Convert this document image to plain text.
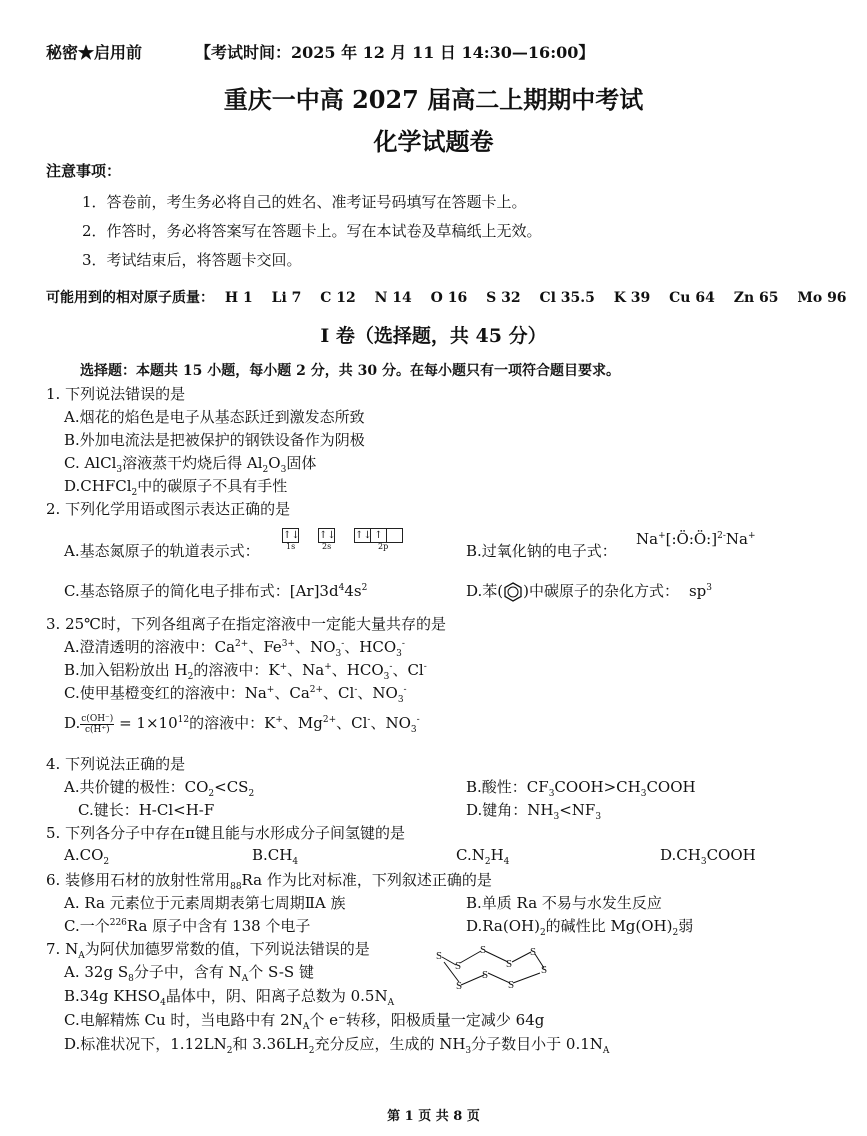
秘密★启用前	【考试时间：2025 年 12 月 11 日 14:30—16:00】
重庆一中高 2027 届高二上期期中考试
化学试题卷
注意事项：
1．答卷前，考生务必将自己的姓名、准考证号码填写在答题卡上。
2．作答时，务必将答案写在答题卡上。写在本试卷及草稿纸上无效。
3．考试结束后，将答题卡交回。
可能用到的相对原子质量： H 1 Li 7 C 12 N 14 O 16 S 32 Cl 35.5 K 39 Cu 64 Zn 65 Mo 96
I 卷（选择题，共 45 分）
选择题：本题共 15 小题，每小题 2 分，共 30 分。在每小题只有一项符合题目要求。
1. 下列说法错误的是
A.烟花的焰色是电子从基态跃迁到激发态所致
B.外加电流法是把被保护的钢铁设备作为阴极
C. AlCl$_3$溶液蒸干灼烧后得 $Al_2O_3$固体
D.CHFCl$_2$中的碳原子不具有手性
2. 下列化学用语或图示表达正确的是
A.基态氮原子的轨道表示式：
↑↓
1s
↑↓
2s
↑↓ ↑
2p	B.过氧化钠的电子式：
Na+[:Ö:Ö:]$^{2-}$Na+
C.基态铬原子的简化电子排布式：$[Ar]3d^44s^2$	D.苯( )中碳原子的杂化方式： $sp^3$
3. 25℃时，下列各组离子在指定溶液中一定能大量共存的是
A.澄清透明的溶液中：$Ca^{2+}$、$Fe^{3+}$、$NO_3^-$、$HCO_3^-$
B.加入铝粉放出 $H_2$的溶液中：K+、Na+、$HCO_3^-$、Cl-
C.使甲基橙变红的溶液中：Na+、$Ca^{2+}$、Cl-、$NO_3^-$
D. $\frac{c(OH^-)}{c(H^+)} = 1\times 10^{12}$的溶液中：K+、$Mg^{2+}$、Cl-、$NO_3^-$
4. 下列说法正确的是
A.共价键的极性：$CO_2<CS_2$	B.酸性：$CF_3COOH>CH_3COOH$
C.键长：H-Cl<H-F	D.键角：$NH_3<NF_3$
5. 下列各分子中存在π键且能与水形成分子间氢键的是
$A.CO_2$	$B.CH_4$	$C.N_2H_4$	$D.CH_3COOH$
6. 装修用石材的放射性常用$_{88}$Ra 作为比对标准，下列叙述正确的是
A. Ra 元素位于元素周期表第七周期ⅡA 族	B.单质 Ra 不易与水发生反应
C.一个$^{226}$Ra 原子中含有 138 个电子	$D.Ra(OH)_2$的碱性比 $Mg(OH)_2$弱
7. $N_A$为阿伏加德罗常数的值，下列说法错误的是
A. 32g $S_8$分子中，含有 $N_A$个 S-S 键
S
S
S
S
S
S
S
S
S
B.34g $KHSO_4$晶体中，阴、阳离子总数为 $0.5N_A$
C.电解精炼 Cu 时，当电路中有 $2N_A$个 e⁻转移，阳极质量一定减少 64g
D.标准状况下，$1.12LN_2$和 $3.36LH_2$充分反应，生成的 $NH_3$分子数目小于 $0.1N_A$
第 1 页 共 8 页
